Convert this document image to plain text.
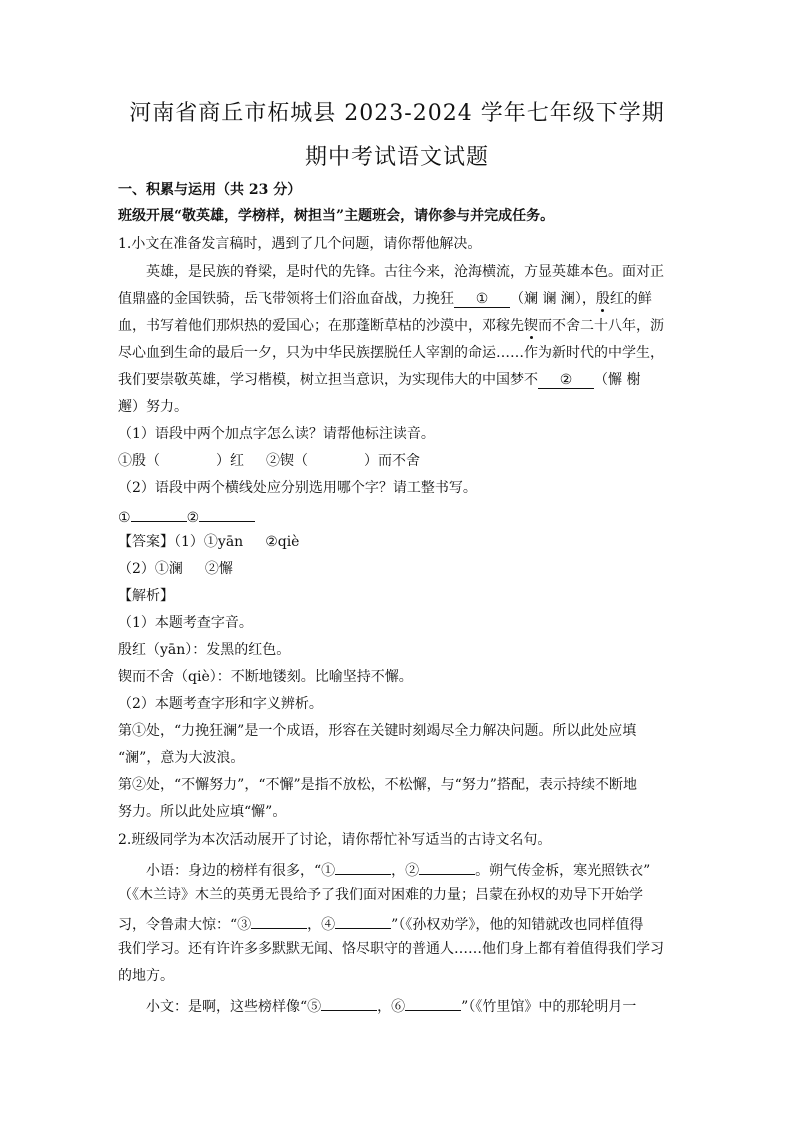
河南省商丘市柘城县 2023-2024 学年七年级下学期
期中考试语文试题
一、积累与运用（共 23 分）
班级开展“敬英雄，学榜样，树担当”主题班会，请你参与并完成任务。
1.小文在准备发言稿时，遇到了几个问题，请你帮他解决。
英雄，是民族的脊梁，是时代的先锋。古往今来，沧海横流，方显英雄本色。面对正
值鼎盛的金国铁骑，岳飞带领将士们浴血奋战，力挽狂 ① （斓 谰 澜），殷红的鲜
血，书写着他们那炽热的爱国心；在那蓬断草枯的沙漠中，邓稼先锲而不舍二十八年，沥
尽心血到生命的最后一夕，只为中华民族摆脱任人宰割的命运……作为新时代的中学生，
我们要崇敬英雄，学习楷模，树立担当意识，为实现伟大的中国梦不 ② （懈 榭
邂）努力。
（1）语段中两个加点字怎么读？请帮他标注读音。
①殷（	）红 ②锲（	）而不舍
（2）语段中两个横线处应分别选用哪个字？请工整书写。
①	②
【答案】（1）①yān ②qiè
（2）①澜 ②懈
【解析】
（1）本题考查字音。
殷红（yān）：发黑的红色。
锲而不舍（qiè）：不断地镂刻。比喻坚持不懈。
（2）本题考查字形和字义辨析。
第①处，“力挽狂澜”是一个成语，形容在关键时刻竭尽全力解决问题。所以此处应填
“澜”，意为大波浪。
第②处，“不懈努力”，“不懈”是指不放松，不松懈，与“努力”搭配，表示持续不断地
努力。所以此处应填“懈”。
2.班级同学为本次活动展开了讨论，请你帮忙补写适当的古诗文名句。
小语：身边的榜样有很多，“①	，②	。朔气传金柝，寒光照铁衣”
（《木兰诗》木兰的英勇无畏给予了我们面对困难的力量；吕蒙在孙权的劝导下开始学
习，令鲁肃大惊：“③	，④	”（《孙权劝学》，他的知错就改也同样值得
我们学习。还有许许多多默默无闻、恪尽职守的普通人……他们身上都有着值得我们学习
的地方。
小文：是啊，这些榜样像“⑤	，⑥	”（《竹里馆》中的那轮明月一
